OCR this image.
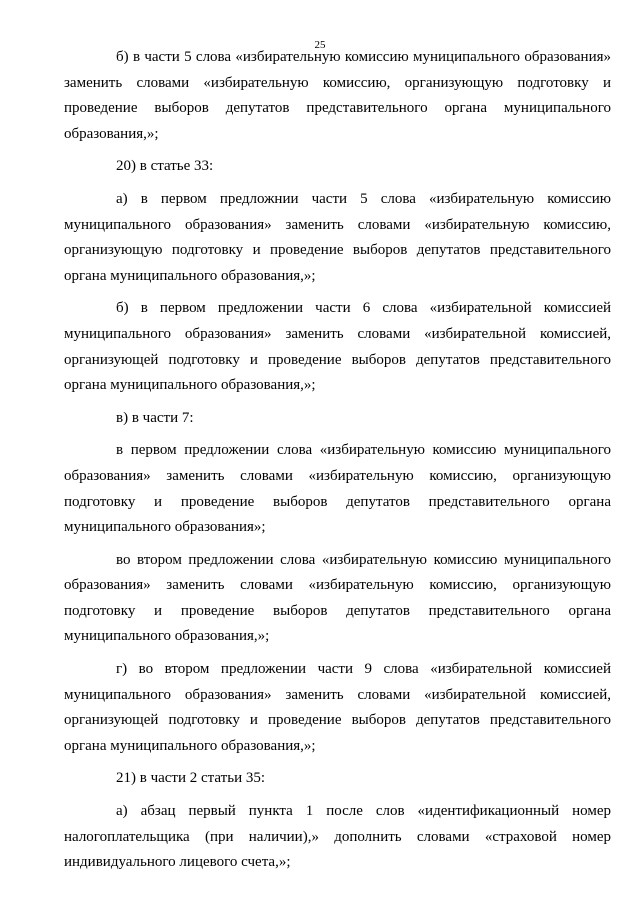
25

б) в части 5 слова «избирательную комиссию муниципального образования» заменить словами «избирательную комиссию, организующую подготовку и проведение выборов депутатов представительного органа муниципального образования,»;

20) в статье 33:

а) в первом предложнии части 5 слова «избирательную комиссию муниципального образования» заменить словами «избирательную комиссию, организующую подготовку и проведение выборов депутатов представительного органа муниципального образования,»;

б) в первом предложении части 6 слова «избирательной комиссией муниципального образования» заменить словами «избирательной комиссией, организующей подготовку и проведение выборов депутатов представительного органа муниципального образования,»;

в) в части 7:

в первом предложении слова «избирательную комиссию муниципального образования» заменить словами «избирательную комиссию, организующую подготовку и проведение выборов депутатов представительного органа муниципального образования»;

во втором предложении слова «избирательную комиссию муниципального образования» заменить словами «избирательную комиссию, организующую подготовку и проведение выборов депутатов представительного органа муниципального образования,»;

г) во втором предложении части 9 слова «избирательной комиссией муниципального образования» заменить словами «избирательной комиссией, организующей подготовку и проведение выборов депутатов представительного органа муниципального образования,»;

21) в части 2 статьи 35:

а) абзац первый пункта 1 после слов «идентификационный номер налогоплательщика (при наличии),» дополнить словами «страховой номер индивидуального лицевого счета,»;
